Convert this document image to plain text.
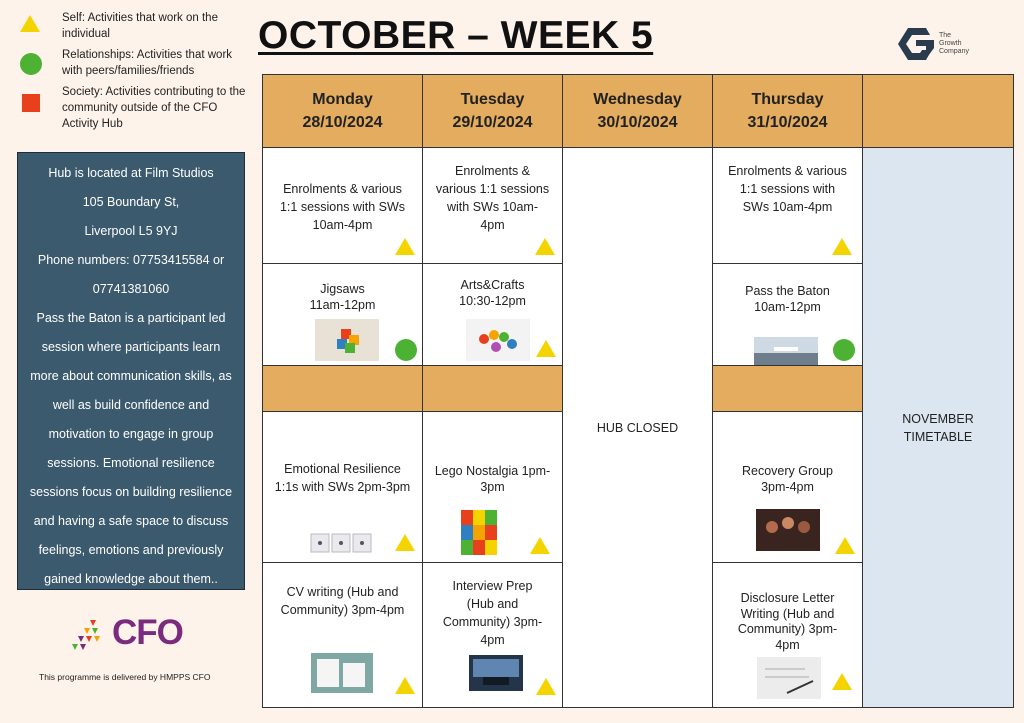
Self: Activities that work on the individual
Relationships: Activities that work with peers/families/friends
Society: Activities contributing to the community outside of the CFO Activity Hub
OCTOBER – WEEK 5	The
Growth
Company

Hub is located at Film Studios

105 Boundary St,

Liverpool L5 9YJ

Phone numbers: 07753415584 or

07741381060

Pass the Baton is a participant led

session where participants learn

more about communication skills, as

well as build confidence and

motivation to engage in group

sessions. Emotional resilience

sessions focus on building resilience

and having a safe space to discuss

feelings, emotions and previously

gained knowledge about them..

CFO
This programme is delivered by HMPPS CFO
Monday
28/10/2024
Tuesday
29/10/2024
Wednesday
30/10/2024
Thursday
31/10/2024
HUB CLOSED
NOVEMBER TIMETABLE
Enrolments & various 1:1 sessions with SWs 10am-4pm
Enrolments & various 1:1 sessions with SWs 10am-4pm
Enrolments & various 1:1 sessions with SWs 10am-4pm
Jigsaws 11am-12pm
Arts&Crafts 10:30-12pm
Pass the Baton 10am-12pm
Emotional Resilience 1:1s with SWs 2pm-3pm
Lego Nostalgia 1pm-3pm
Recovery Group 3pm-4pm
CV writing (Hub and Community) 3pm-4pm
Interview Prep (Hub and Community) 3pm-4pm
Disclosure Letter Writing (Hub and Community) 3pm-4pm
